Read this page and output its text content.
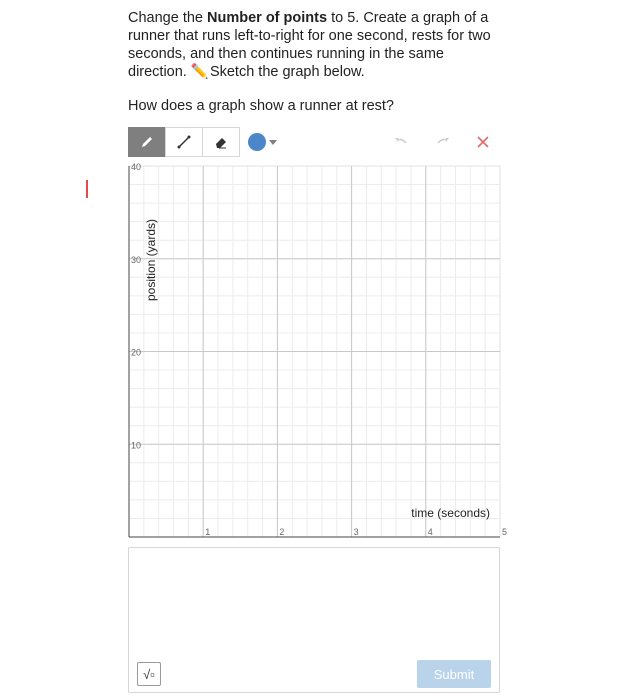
Change the Number of points to 5. Create a graph of a runner that runs left-to-right for one second, rests for two seconds, and then continues running in the same direction. ✏️Sketch the graph below.
How does a graph show a runner at rest?
1	2	3	4	5
40
30
20
10
position (yards)
time (seconds)
√▫	Submit
